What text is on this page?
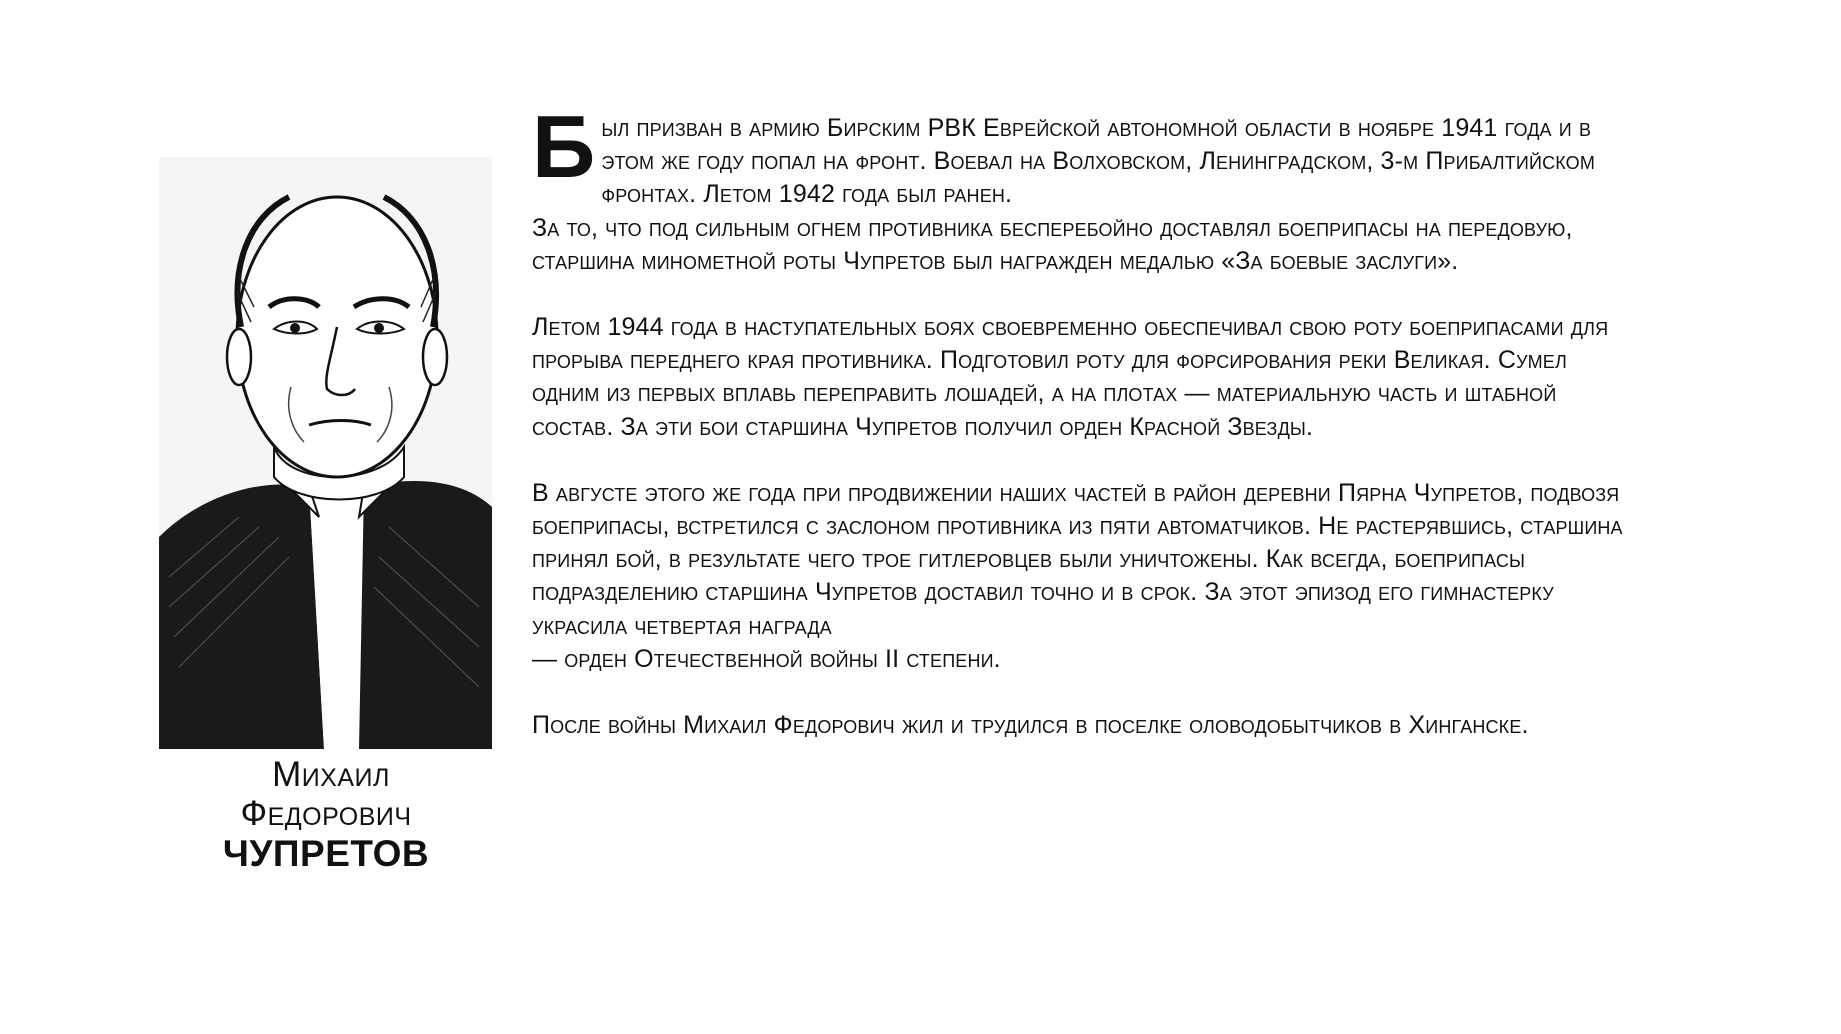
Михаил
Федорович
ЧУПРЕТОВ

Был призван в армию Бирским РВК Еврейской автономной области в ноябре 1941 года и в этом же году попал на фронт. Воевал на Волховском, Ленинградском, 3-м Прибалтийском фронтах. Летом 1942 года был ранен.
За то, что под сильным огнем противника бесперебойно доставлял боеприпасы на передовую, старшина минометной роты Чупретов был награжден медалью «За боевые заслуги».

Летом 1944 года в наступательных боях своевременно обеспечивал свою роту боеприпасами для прорыва переднего края противника. Подготовил роту для форсирования реки Великая. Сумел одним из первых вплавь переправить лошадей, а на плотах — материальную часть и штабной состав. За эти бои старшина Чупретов получил орден Красной Звезды.

В августе этого же года при продвижении наших частей в район деревни Пярна Чупретов, подвозя боеприпасы, встретился с заслоном противника из пяти автоматчиков. Не растерявшись, старшина принял бой, в результате чего трое гитлеровцев были уничтожены. Как всегда, боеприпасы подразделению старшина Чупретов доставил точно и в срок. За этот эпизод его гимнастерку украсила четвертая награда
— орден Отечественной войны II степени.

После войны Михаил Федорович жил и трудился в поселке оловодобытчиков в Хинганске.
